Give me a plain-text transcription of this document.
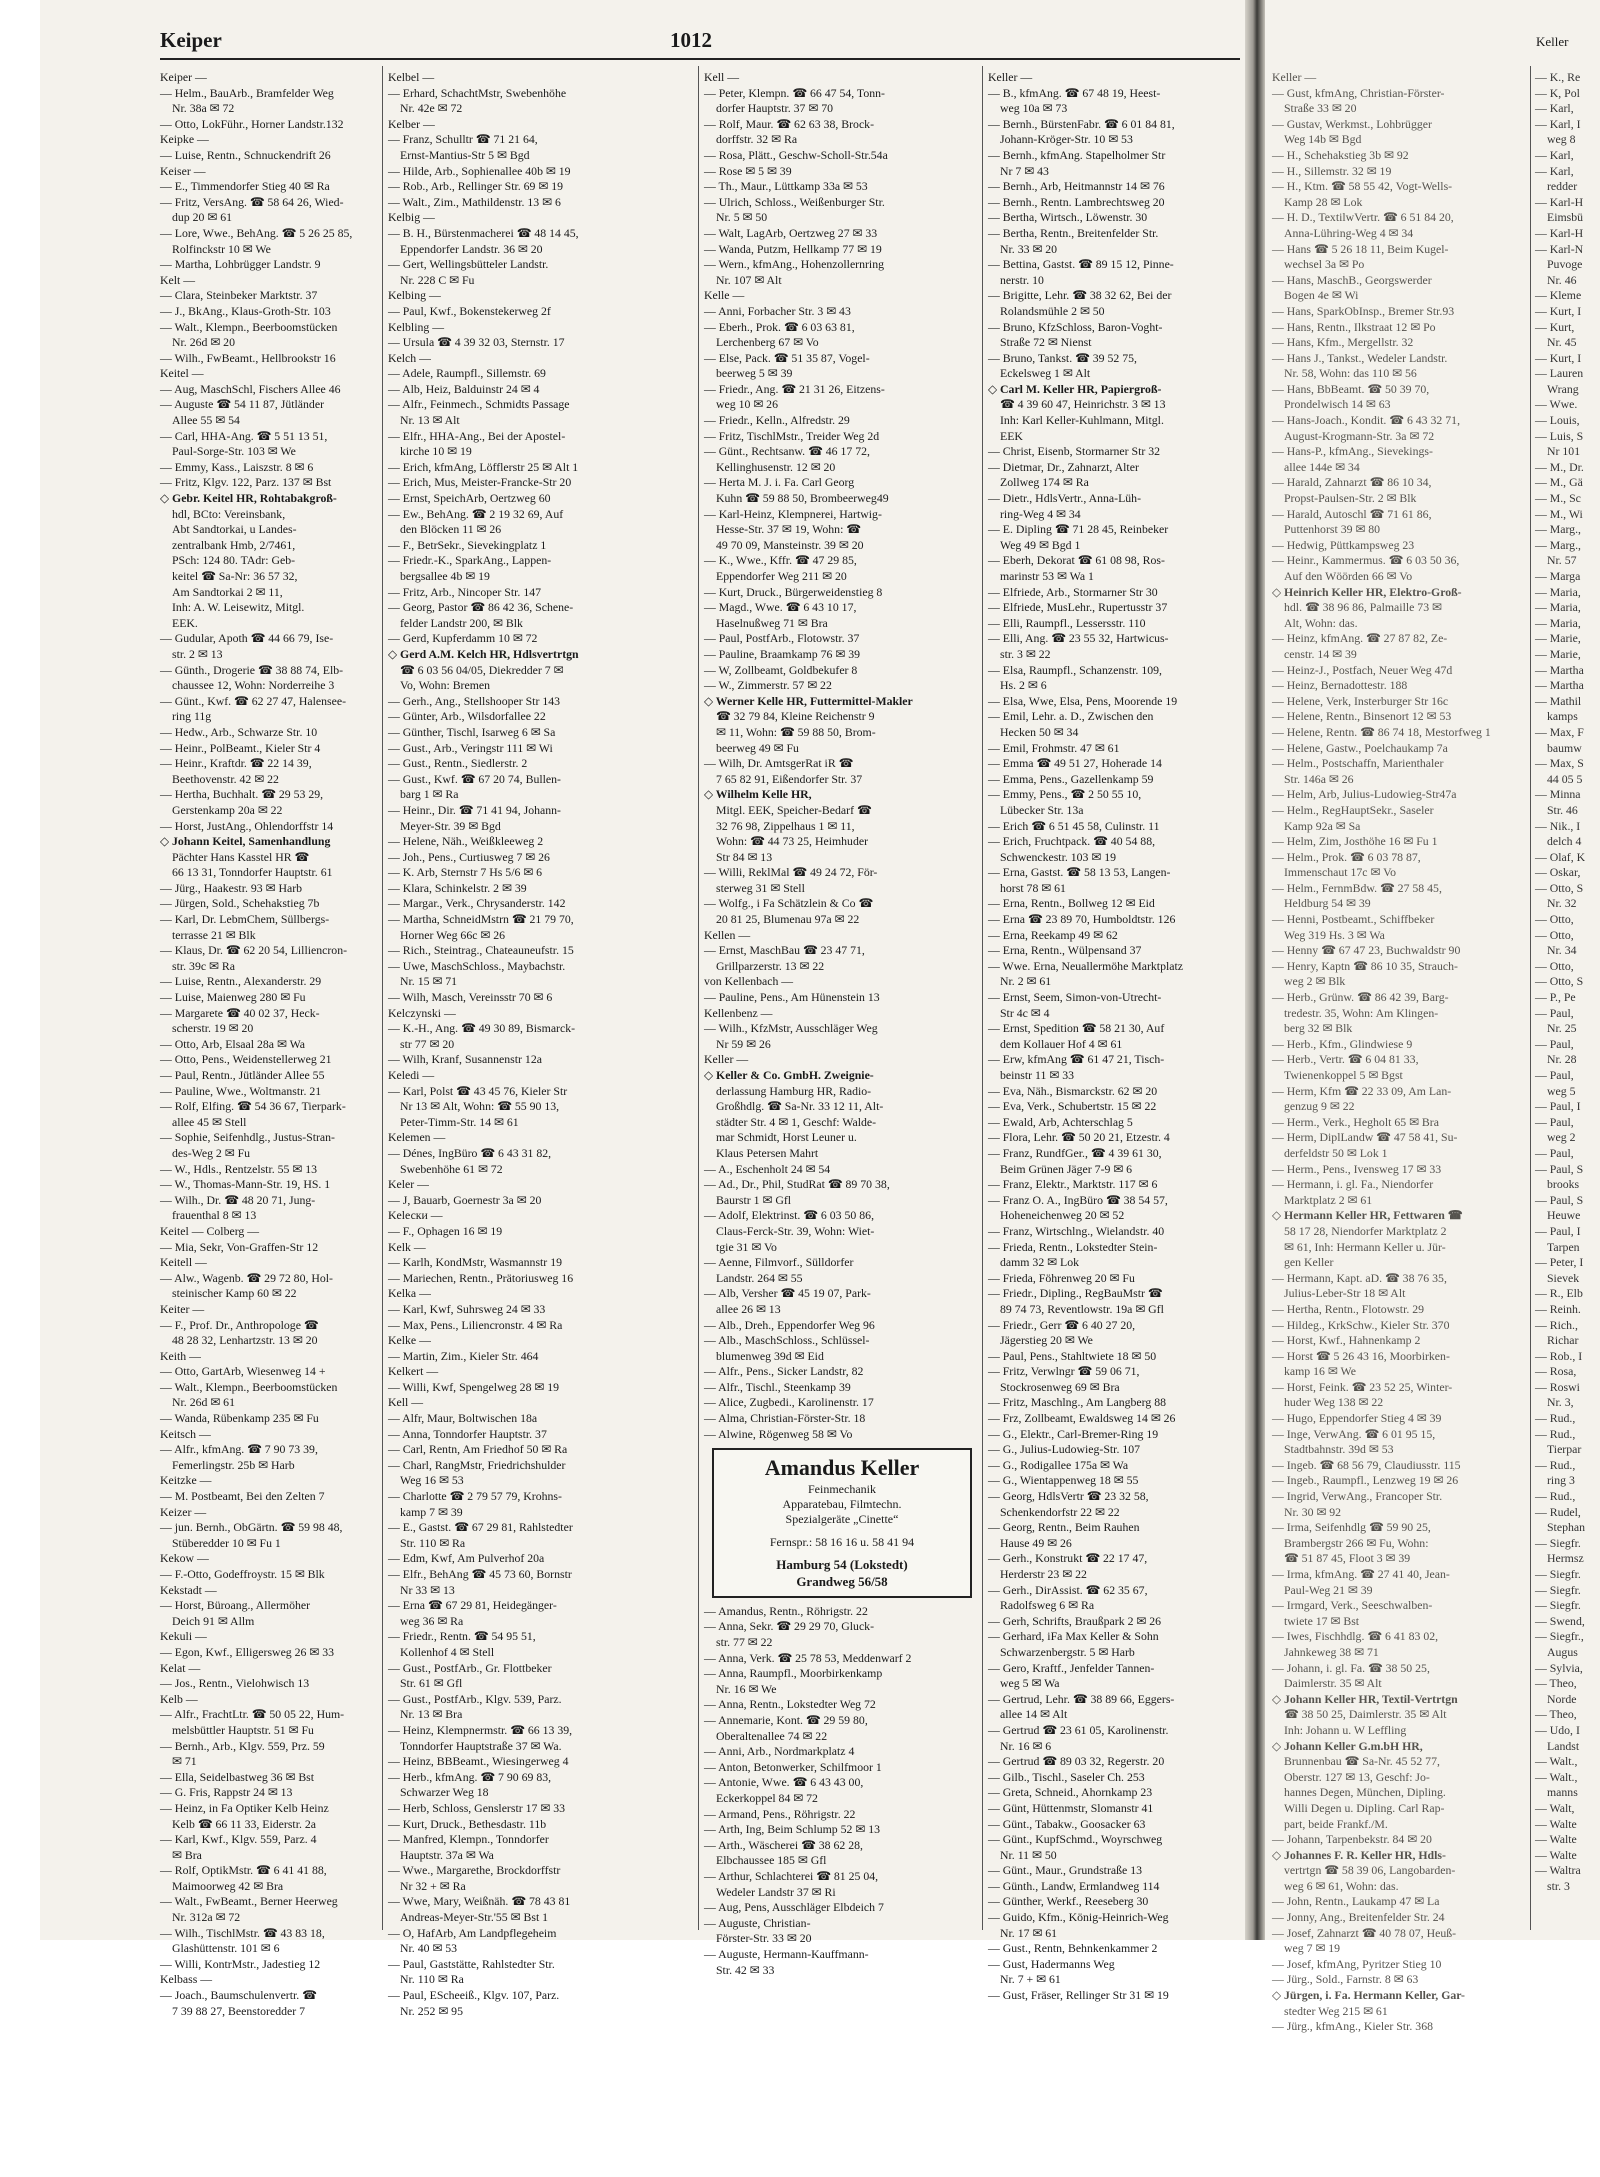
Keiper	1012
Keiper —
— Helm., BauArb., Bramfelder Weg
Nr. 38a ✉ 72
— Otto, LokFühr., Horner Landstr.132
Keipke —
— Luise, Rentn., Schnuckendrift 26
Keiser —
— E., Timmendorfer Stieg 40 ✉ Ra
— Fritz, VersAng. ☎ 58 64 26, Wied-
dup 20 ✉ 61
— Lore, Wwe., BehAng. ☎ 5 26 25 85,
Rolfinckstr 10 ✉ We
— Martha, Lohbrügger Landstr. 9
Kelt —
— Clara, Steinbeker Marktstr. 37
— J., BkAng., Klaus-Groth-Str. 103
— Walt., Klempn., Beerboomstücken
Nr. 26d ✉ 20
— Wilh., FwBeamt., Hellbrookstr 16
Keitel —
— Aug, MaschSchl, Fischers Allee 46
— Auguste ☎ 54 11 87, Jütländer
Allee 55 ✉ 54
— Carl, HHA-Ang. ☎ 5 51 13 51,
Paul-Sorge-Str. 103 ✉ We
— Emmy, Kass., Laiszstr. 8 ✉ 6
— Fritz, Klgv. 122, Parz. 137 ✉ Bst
◇ Gebr. Keitel HR, Rohtabakgroß-
hdl, BCto: Vereinsbank,
Abt Sandtorkai, u Landes-
zentralbank Hmb, 2/7461,
PSch: 124 80. TAdr: Geb-
keitel ☎ Sa-Nr: 36 57 32,
Am Sandtorkai 2 ✉ 11,
Inh: A. W. Leisewitz, Mitgl.
EEK.
— Gudular, Apoth ☎ 44 66 79, Ise-
str. 2 ✉ 13
— Günth., Drogerie ☎ 38 88 74, Elb-
chaussee 12, Wohn: Norderreihe 3
— Günt., Kwf. ☎ 62 27 47, Halensee-
ring 11g
— Hedw., Arb., Schwarze Str. 10
— Heinr., PolBeamt., Kieler Str 4
— Heinr., Kraftdr. ☎ 22 14 39,
Beethovenstr. 42 ✉ 22
— Hertha, Buchhalt. ☎ 29 53 29,
Gerstenkamp 20a ✉ 22
— Horst, JustAng., Ohlendorffstr 14
◇ Johann Keitel, Samenhandlung
Pächter Hans Kasstel HR ☎
66 13 31, Tonndorfer Hauptstr. 61
— Jürg., Haakestr. 93 ✉ Harb
— Jürgen, Sold., Schehakstieg 7b
— Karl, Dr. LebmChem, Süllbergs-
terrasse 21 ✉ Blk
— Klaus, Dr. ☎ 62 20 54, Lilliencron-
str. 39c ✉ Ra
— Luise, Rentn., Alexanderstr. 29
— Luise, Maienweg 280 ✉ Fu
— Margarete ☎ 40 02 37, Heck-
scherstr. 19 ✉ 20
— Otto, Arb, Elsaal 28a ✉ Wa
— Otto, Pens., Weidenstellerweg 21
— Paul, Rentn., Jütländer Allee 55
— Pauline, Wwe., Woltmanstr. 21
— Rolf, Elfing. ☎ 54 36 67, Tierpark-
allee 45 ✉ Stell
— Sophie, Seifenhdlg., Justus-Stran-
des-Weg 2 ✉ Fu
— W., Hdls., Rentzelstr. 55 ✉ 13
— W., Thomas-Mann-Str. 19, HS. 1
— Wilh., Dr. ☎ 48 20 71, Jung-
frauenthal 8 ✉ 13
Keitel — Colberg —
— Mia, Sekr, Von-Graffen-Str 12
Keitell —
— Alw., Wagenb. ☎ 29 72 80, Hol-
steinischer Kamp 60 ✉ 22
Keiter —
— F., Prof. Dr., Anthropologe ☎
48 28 32, Lenhartzstr. 13 ✉ 20
Keith —
— Otto, GartArb, Wiesenweg 14 +
— Walt., Klempn., Beerboomstücken
Nr. 26d ✉ 61
— Wanda, Rübenkamp 235 ✉ Fu
Keitsch —
— Alfr., kfmAng. ☎ 7 90 73 39,
Femerlingstr. 25b ✉ Harb
Keitzke —
— M. Postbeamt, Bei den Zelten 7
Keizer —
— jun. Bernh., ObGärtn. ☎ 59 98 48,
Stüberedder 10 ✉ Fu 1
Kekow —
— F.-Otto, Godeffroystr. 15 ✉ Blk
Kekstadt —
— Horst, Büroang., Allermöher
Deich 91 ✉ Allm
Kekuli —
— Egon, Kwf., Elligersweg 26 ✉ 33
Kelat —
— Jos., Rentn., Vielohwisch 13
Kelb —
— Alfr., FrachtLtr. ☎ 50 05 22, Hum-
melsbüttler Hauptstr. 51 ✉ Fu
— Bernh., Arb., Klgv. 559, Prz. 59
✉ 71
— Ella, Seidelbastweg 36 ✉ Bst
— G. Fris, Rappstr 24 ✉ 13
— Heinz, in Fa Optiker Kelb Heinz
Kelb ☎ 66 11 33, Eiderstr. 2a
— Karl, Kwf., Klgv. 559, Parz. 4
✉ Bra
— Rolf, OptikMstr. ☎ 6 41 41 88,
Maimoorweg 42 ✉ Bra
— Walt., FwBeamt., Berner Heerweg
Nr. 312a ✉ 72
— Wilh., TischlMstr. ☎ 43 83 18,
Glashüttenstr. 101 ✉ 6
— Willi, KontrMstr., Jadestieg 12
Kelbass —
— Joach., Baumschulenvertr. ☎
7 39 88 27, Beenstoredder 7
Kelbel —
— Erhard, SchachtMstr, Swebenhöhe
Nr. 42e ✉ 72
Kelber —
— Franz, Schulltr ☎ 71 21 64,
Ernst-Mantius-Str 5 ✉ Bgd
— Hilde, Arb., Sophienallee 40b ✉ 19
— Rob., Arb., Rellinger Str. 69 ✉ 19
— Walt., Zim., Mathildenstr. 13 ✉ 6
Kelbig —
— B. H., Bürstenmacherei ☎ 48 14 45,
Eppendorfer Landstr. 36 ✉ 20
— Gert, Wellingsbütteler Landstr.
Nr. 228 C ✉ Fu
Kelbing —
— Paul, Kwf., Bokenstekerweg 2f
Kelbling —
— Ursula ☎ 4 39 32 03, Sternstr. 17
Kelch —
— Adele, Raumpfl., Sillemstr. 69
— Alb, Heiz, Balduinstr 24 ✉ 4
— Alfr., Feinmech., Schmidts Passage
Nr. 13 ✉ Alt
— Elfr., HHA-Ang., Bei der Apostel-
kirche 10 ✉ 19
— Erich, kfmAng, Löfflerstr 25 ✉ Alt 1
— Erich, Mus, Meister-Francke-Str 20
— Ernst, SpeichArb, Oertzweg 60
— Ew., BehAng. ☎ 2 19 32 69, Auf
den Blöcken 11 ✉ 26
— F., BetrSekr., Sievekingplatz 1
— Friedr.-K., SparkAng., Lappen-
bergsallee 4b ✉ 19
— Fritz, Arb., Nincoper Str. 147
— Georg, Pastor ☎ 86 42 36, Schene-
felder Landstr 200, ✉ Blk
— Gerd, Kupferdamm 10 ✉ 72
◇ Gerd A.M. Kelch HR, Hdlsvertrtgn
☎ 6 03 56 04/05, Diekredder 7 ✉
Vo, Wohn: Bremen
— Gerh., Ang., Stellshooper Str 143
— Günter, Arb., Wilsdorfallee 22
— Günther, Tischl, Isarweg 6 ✉ Sa
— Gust., Arb., Veringstr 111 ✉ Wi
— Gust., Rentn., Siedlerstr. 2
— Gust., Kwf. ☎ 67 20 74, Bullen-
barg 1 ✉ Ra
— Heinr., Dir. ☎ 71 41 94, Johann-
Meyer-Str. 39 ✉ Bgd
— Helene, Näh., Weißkleeweg 2
— Joh., Pens., Curtiusweg 7 ✉ 26
— K. Arb, Sternstr 7 Hs 5/6 ✉ 6
— Klara, Schinkelstr. 2 ✉ 39
— Margar., Verk., Chrysanderstr. 142
— Martha, SchneidMstrn ☎ 21 79 70,
Horner Weg 66c ✉ 26
— Rich., Steintrag., Chateauneufstr. 15
— Uwe, MaschSchloss., Maybachstr.
Nr. 15 ✉ 71
— Wilh, Masch, Vereinsstr 70 ✉ 6
Kelczynski —
— K.-H., Ang. ☎ 49 30 89, Bismarck-
str 77 ✉ 20
— Wilh, Kranf, Susannenstr 12a
Keledi —
— Karl, Polst ☎ 43 45 76, Kieler Str
Nr 13 ✉ Alt, Wohn: ☎ 55 90 13,
Peter-Timm-Str. 14 ✉ 61
Kelemen —
— Dénes, IngBüro ☎ 6 43 31 82,
Swebenhöhe 61 ✉ 72
Keler —
— J, Bauarb, Goernestr 3a ✉ 20
Kelески —
— F., Ophagen 16 ✉ 19
Kelk —
— Karlh, KondMstr, Wasmannstr 19
— Mariechen, Rentn., Prätoriusweg 16
Kelka —
— Karl, Kwf, Suhrsweg 24 ✉ 33
— Max, Pens., Liliencronstr. 4 ✉ Ra
Kelke —
— Martin, Zim., Kieler Str. 464
Kelkert —
— Willi, Kwf, Spengelweg 28 ✉ 19
Kell —
— Alfr, Maur, Boltwischen 18a
— Anna, Tonndorfer Hauptstr. 37
— Carl, Rentn, Am Friedhof 50 ✉ Ra
— Charl, RangMstr, Friedrichshulder
Weg 16 ✉ 53
— Charlotte ☎ 2 79 57 79, Krohns-
kamp 7 ✉ 39
— E., Gastst. ☎ 67 29 81, Rahlstedter
Str. 110 ✉ Ra
— Edm, Kwf, Am Pulverhof 20a
— Elfr., BehAng ☎ 45 73 60, Bornstr
Nr 33 ✉ 13
— Erna ☎ 67 29 81, Heidegänger-
weg 36 ✉ Ra
— Friedr., Rentn. ☎ 54 95 51,
Kollenhof 4 ✉ Stell
— Gust., PostfArb., Gr. Flottbeker
Str. 61 ✉ Gfl
— Gust., PostfArb., Klgv. 539, Parz.
Nr. 13 ✉ Bra
— Heinz, Klempnermstr. ☎ 66 13 39,
Tonndorfer Hauptstraße 37 ✉ Wa.
— Heinz, BBBeamt., Wiesingerweg 4
— Herb., kfmAng. ☎ 7 90 69 83,
Schwarzer Weg 18
— Herb, Schloss, Genslerstr 17 ✉ 33
— Kurt, Druck., Bethesdastr. 11b
— Manfred, Klempn., Tonndorfer
Hauptstr. 37a ✉ Wa
— Wwe., Margarethe, Brockdorffstr
Nr 32 + ✉ Ra
— Wwe, Mary, Weißnäh. ☎ 78 43 81
Andreas-Meyer-Str.'55 ✉ Bst 1
— O, HafArb, Am Landpflegeheim
Nr. 40 ✉ 53
— Paul, Gaststätte, Rahlstedter Str.
Nr. 110 ✉ Ra
— Paul, EScheeiß., Klgv. 107, Parz.
Nr. 252 ✉ 95
Kell —
— Peter, Klempn. ☎ 66 47 54, Tonn-
dorfer Hauptstr. 37 ✉ 70
— Rolf, Maur. ☎ 62 63 38, Brock-
dorffstr. 32 ✉ Ra
— Rosa, Plätt., Geschw-Scholl-Str.54a
— Rose ✉ 5 ✉ 39
— Th., Maur., Lüttkamp 33a ✉ 53
— Ulrich, Schloss., Weißenburger Str.
Nr. 5 ✉ 50
— Walt, LagArb, Oertzweg 27 ✉ 33
— Wanda, Putzm, Hellkamp 77 ✉ 19
— Wern., kfmAng., Hohenzollernring
Nr. 107 ✉ Alt
Kelle —
— Anni, Forbacher Str. 3 ✉ 43
— Eberh., Prok. ☎ 6 03 63 81,
Lerchenberg 67 ✉ Vo
— Else, Pack. ☎ 51 35 87, Vogel-
beerweg 5 ✉ 39
— Friedr., Ang. ☎ 21 31 26, Eitzens-
weg 10 ✉ 26
— Friedr., Kelln., Alfredstr. 29
— Fritz, TischlMstr., Treider Weg 2d
— Günt., Rechtsanw. ☎ 46 17 72,
Kellinghusenstr. 12 ✉ 20
— Herta M. J. i. Fa. Carl Georg
Kuhn ☎ 59 88 50, Brombeerweg49
— Karl-Heinz, Klempnerei, Hartwig-
Hesse-Str. 37 ✉ 19, Wohn: ☎
49 70 09, Mansteinstr. 39 ✉ 20
— K., Wwe., Kffr. ☎ 47 29 85,
Eppendorfer Weg 211 ✉ 20
— Kurt, Druck., Bürgerweidenstieg 8
— Magd., Wwe. ☎ 6 43 10 17,
Haselnußweg 71 ✉ Bra
— Paul, PostfArb., Flotowstr. 37
— Pauline, Braamkamp 76 ✉ 39
— W, Zollbeamt, Goldbekufer 8
— W., Zimmerstr. 57 ✉ 22
◇ Werner Kelle HR, Futtermittel-Makler
☎ 32 79 84, Kleine Reichenstr 9
✉ 11, Wohn: ☎ 59 88 50, Brom-
beerweg 49 ✉ Fu
— Wilh, Dr. AmtsgerRat iR ☎
7 65 82 91, Eißendorfer Str. 37
◇ Wilhelm Kelle HR,
Mitgl. EEK, Speicher-Bedarf ☎
32 76 98, Zippelhaus 1 ✉ 11,
Wohn: ☎ 44 73 25, Heimhuder
Str 84 ✉ 13
— Willi, ReklMal ☎ 49 24 72, För-
sterweg 31 ✉ Stell
— Wolfg., i Fa Schätzlein & Co ☎
20 81 25, Blumenau 97a ✉ 22
Kellen —
— Ernst, MaschBau ☎ 23 47 71,
Grillparzerstr. 13 ✉ 22
von Kellenbach —
— Pauline, Pens., Am Hünenstein 13
Kellenbenz —
— Wilh., KfzMstr, Ausschläger Weg
Nr 59 ✉ 26
Keller —
◇ Keller & Co. GmbH. Zweignie-
derlassung Hamburg HR, Radio-
Großhdlg. ☎ Sa-Nr. 33 12 11, Alt-
städter Str. 4 ✉ 1, Geschf: Walde-
mar Schmidt, Horst Leuner u.
Klaus Petersen Mahrt
— A., Eschenholt 24 ✉ 54
— Ad., Dr., Phil, StudRat ☎ 89 70 38,
Baurstr 1 ✉ Gfl
— Adolf, Elektrinst. ☎ 6 03 50 86,
Claus-Ferck-Str. 39, Wohn: Wiet-
tgie 31 ✉ Vo
— Aenne, Filmvorf., Sülldorfer
Landstr. 264 ✉ 55
— Alb, Versher ☎ 45 19 07, Park-
allee 26 ✉ 13
— Alb., Dreh., Eppendorfer Weg 96
— Alb., MaschSchloss., Schlüssel-
blumenweg 39d ✉ Eid
— Alfr., Pens., Sicker Landstr, 82
— Alfr., Tischl., Steenkamp 39
— Alice, Zugbedi., Karolinenstr. 17
— Alma, Christian-Förster-Str. 18
— Alwine, Rögenweg 58 ✉ Vo
Amandus Keller
Feinmechanik
Apparatebau, Filmtechn.
Spezialgeräte „Cinette“
Fernspr.: 58 16 16 u. 58 41 94
Hamburg 54 (Lokstedt)
Grandweg 56/58
— Amandus, Rentn., Röhrigstr. 22
— Anna, Sekr. ☎ 29 29 70, Gluck-
str. 77 ✉ 22
— Anna, Verk. ☎ 25 78 53, Meddenwarf 2
— Anna, Raumpfl., Moorbirkenkamp
Nr. 16 ✉ We
— Anna, Rentn., Lokstedter Weg 72
— Annemarie, Kont. ☎ 29 59 80,
Oberaltenallee 74 ✉ 22
— Anni, Arb., Nordmarkplatz 4
— Anton, Betonwerker, Schilfmoor 1
— Antonie, Wwe. ☎ 6 43 43 00,
Eckerkoppel 84 ✉ 72
— Armand, Pens., Röhrigstr. 22
— Arth, Ing, Beim Schlump 52 ✉ 13
— Arth., Wäscherei ☎ 38 62 28,
Elbchaussee 185 ✉ Gfl
— Arthur, Schlachterei ☎ 81 25 04,
Wedeler Landstr 37 ✉ Ri
— Aug, Pens, Ausschläger Elbdeich 7
— Auguste, Christian-
Förster-Str. 33 ✉ 20
— Auguste, Hermann-Kauffmann-
Str. 42 ✉ 33
Keller —
— B., kfmAng. ☎ 67 48 19, Heest-
weg 10a ✉ 73
— Bernh., BürstenFabr. ☎ 6 01 84 81,
Johann-Kröger-Str. 10 ✉ 53
— Bernh., kfmAng. Stapelholmer Str
Nr 7 ✉ 43
— Bernh., Arb, Heitmannstr 14 ✉ 76
— Bernh., Rentn. Lambrechtsweg 20
— Bertha, Wirtsch., Löwenstr. 30
— Bertha, Rentn., Breitenfelder Str.
Nr. 33 ✉ 20
— Bettina, Gastst. ☎ 89 15 12, Pinne-
nerstr. 10
— Brigitte, Lehr. ☎ 38 32 62, Bei der
Rolandsmühle 2 ✉ 50
— Bruno, KfzSchloss, Baron-Voght-
Straße 72 ✉ Nienst
— Bruno, Tankst. ☎ 39 52 75,
Eckelsweg 1 ✉ Alt
◇ Carl M. Keller HR, Papiergroß-
☎ 4 39 60 47, Heinrichstr. 3 ✉ 13
Inh: Karl Keller-Kuhlmann, Mitgl.
EEK
— Christ, Eisenb, Stormarner Str 32
— Dietmar, Dr., Zahnarzt, Alter
Zollweg 174 ✉ Ra
— Dietr., HdlsVertr., Anna-Lüh-
ring-Weg 4 ✉ 34
— E. Dipling ☎ 71 28 45, Reinbeker
Weg 49 ✉ Bgd 1
— Eberh, Dekorat ☎ 61 08 98, Ros-
marinstr 53 ✉ Wa 1
— Elfriede, Arb., Stormarner Str 30
— Elfriede, MusLehr., Rupertusstr 37
— Elli, Raumpfl., Lessersstr. 110
— Elli, Ang. ☎ 23 55 32, Hartwicus-
str. 3 ✉ 22
— Elsa, Raumpfl., Schanzenstr. 109,
Hs. 2 ✉ 6
— Elsa, Wwe, Elsa, Pens, Moorende 19
— Emil, Lehr. a. D., Zwischen den
Hecken 50 ✉ 34
— Emil, Frohmstr. 47 ✉ 61
— Emma ☎ 49 51 27, Hoherade 14
— Emma, Pens., Gazellenkamp 59
— Emmy, Pens., ☎ 2 50 55 10,
Lübecker Str. 13a
— Erich ☎ 6 51 45 58, Culinstr. 11
— Erich, Fruchtpack. ☎ 40 54 88,
Schwenckestr. 103 ✉ 19
— Erna, Gastst. ☎ 58 13 53, Langen-
horst 78 ✉ 61
— Erna, Rentn., Bollweg 12 ✉ Eid
— Erna ☎ 23 89 70, Humboldtstr. 126
— Erna, Reekamp 49 ✉ 62
— Erna, Rentn., Wülpensand 37
— Wwe. Erna, Neuallermöhe Marktplatz
Nr. 2 ✉ 61
— Ernst, Seem, Simon-von-Utrecht-
Str 4c ✉ 4
— Ernst, Spedition ☎ 58 21 30, Auf
dem Kollauer Hof 4 ✉ 61
— Erw, kfmAng ☎ 61 47 21, Tisch-
beinstr 11 ✉ 33
— Eva, Näh., Bismarckstr. 62 ✉ 20
— Eva, Verk., Schubertstr. 15 ✉ 22
— Ewald, Arb, Achterschlag 5
— Flora, Lehr. ☎ 50 20 21, Etzestr. 4
— Franz, RundfGer., ☎ 4 39 61 30,
Beim Grünen Jäger 7-9 ✉ 6
— Franz, Elektr., Marktstr. 117 ✉ 6
— Franz O. A., IngBüro ☎ 38 54 57,
Hoheneichenweg 20 ✉ 52
— Franz, Wirtschlng., Wielandstr. 40
— Frieda, Rentn., Lokstedter Stein-
damm 32 ✉ Lok
— Frieda, Föhrenweg 20 ✉ Fu
— Friedr., Dipling., RegBauMstr ☎
89 74 73, Reventlowstr. 19a ✉ Gfl
— Friedr., Gerr ☎ 6 40 27 20,
Jägerstieg 20 ✉ We
— Paul, Pens., Stahltwiete 18 ✉ 50
— Fritz, Verwlngr ☎ 59 06 71,
Stockrosenweg 69 ✉ Bra
— Fritz, Maschlng., Am Langberg 88
— Frz, Zollbeamt, Ewaldsweg 14 ✉ 26
— G., Elektr., Carl-Bremer-Ring 19
— G., Julius-Ludowieg-Str. 107
— G., Rodigallee 175a ✉ Wa
— G., Wientappenweg 18 ✉ 55
— Georg, HdlsVertr ☎ 23 32 58,
Schenkendorfstr 22 ✉ 22
— Georg, Rentn., Beim Rauhen
Hause 49 ✉ 26
— Gerh., Konstrukt ☎ 22 17 47,
Herderstr 23 ✉ 22
— Gerh., DirAssist. ☎ 62 35 67,
Radolfsweg 6 ✉ Ra
— Gerh, Schrifts, Braußpark 2 ✉ 26
— Gerhard, iFa Max Keller & Sohn
Schwarzenbergstr. 5 ✉ Harb
— Gero, Kraftf., Jenfelder Tannen-
weg 5 ✉ Wa
— Gertrud, Lehr. ☎ 38 89 66, Eggers-
allee 14 ✉ Alt
— Gertrud ☎ 23 61 05, Karolinenstr.
Nr. 16 ✉ 6
— Gertrud ☎ 89 03 32, Regerstr. 20
— Gilb., Tischl., Saseler Ch. 253
— Greta, Schneid., Ahornkamp 23
— Günt, Hüttenmstr, Slomanstr 41
— Günt., Tabakw., Goosacker 63
— Günt., KupfSchmd., Woyrschweg
Nr. 11 ✉ 50
— Günt., Maur., Grundstraße 13
— Günth., Landw, Ermlandweg 114
— Günther, Werkf., Reeseberg 30
— Guido, Kfm., König-Heinrich-Weg
Nr. 17 ✉ 61
— Gust., Rentn, Behnkenkammer 2
— Gust, Hadermanns Weg
Nr. 7 + ✉ 61
— Gust, Fräser, Rellinger Str 31 ✉ 19
Keller —
— Gust, kfmAng, Christian-Förster-
Straße 33 ✉ 20
— Gustav, Werkmst., Lohbrügger
Weg 14b ✉ Bgd
— H., Schehakstieg 3b ✉ 92
— H., Sillemstr. 32 ✉ 19
— H., Ktm. ☎ 58 55 42, Vogt-Wells-
Kamp 28 ✉ Lok
— H. D., TextilwVertr. ☎ 6 51 84 20,
Anna-Lühring-Weg 4 ✉ 34
— Hans ☎ 5 26 18 11, Beim Kugel-
wechsel 3a ✉ Po
— Hans, MaschB., Georgswerder
Bogen 4e ✉ Wi
— Hans, SparkObInsp., Bremer Str.93
— Hans, Rentn., Ilkstraat 12 ✉ Po
— Hans, Kfm., Mergellstr. 32
— Hans J., Tankst., Wedeler Landstr.
Nr. 58, Wohn: das 110 ✉ 56
— Hans, BbBeamt. ☎ 50 39 70,
Prondelwisch 14 ✉ 63
— Hans-Joach., Kondit. ☎ 6 43 32 71,
August-Krogmann-Str. 3a ✉ 72
— Hans-P., kfmAng., Sievekings-
allee 144e ✉ 34
— Harald, Zahnarzt ☎ 86 10 34,
Propst-Paulsen-Str. 2 ✉ Blk
— Harald, Autoschl ☎ 71 61 86,
Puttenhorst 39 ✉ 80
— Hedwig, Püttkampsweg 23
— Heinr., Kammermus. ☎ 6 03 50 36,
Auf den Wöörden 66 ✉ Vo
◇ Heinrich Keller HR, Elektro-Groß-
hdl. ☎ 38 96 86, Palmaille 73 ✉
Alt, Wohn: das.
— Heinz, kfmAng. ☎ 27 87 82, Ze-
censtr. 14 ✉ 39
— Heinz-J., Postfach, Neuer Weg 47d
— Heinz, Bernadottestr. 188
— Helene, Verk, Insterburger Str 16c
— Helene, Rentn., Binsenort 12 ✉ 53
— Helene, Rentn. ☎ 86 74 18, Mestorfweg 1
— Helene, Gastw., Poelchaukamp 7a
— Helm., Postschaffn, Marienthaler
Str. 146a ✉ 26
— Helm, Arb, Julius-Ludowieg-Str47a
— Helm., RegHauptSekr., Saseler
Kamp 92a ✉ Sa
— Helm, Zim, Josthöhe 16 ✉ Fu 1
— Helm., Prok. ☎ 6 03 78 87,
Immenschaut 17c ✉ Vo
— Helm., FernmBdw. ☎ 27 58 45,
Heldburg 54 ✉ 39
— Henni, Postbeamt., Schiffbeker
Weg 319 Hs. 3 ✉ Wa
— Henny ☎ 67 47 23, Buchwaldstr 90
— Henry, Kaptn ☎ 86 10 35, Strauch-
weg 2 ✉ Blk
— Herb., Grünw. ☎ 86 42 39, Barg-
tredestr. 35, Wohn: Am Klingen-
berg 32 ✉ Blk
— Herb., Kfm., Glindwiese 9
— Herb., Vertr. ☎ 6 04 81 33,
Twienenkoppel 5 ✉ Bgst
— Herm, Kfm ☎ 22 33 09, Am Lan-
genzug 9 ✉ 22
— Herm., Verk., Hegholt 65 ✉ Bra
— Herm, DiplLandw ☎ 47 58 41, Su-
derfeldstr 50 ✉ Lok 1
— Herm., Pens., Ivensweg 17 ✉ 33
— Hermann, i. gl. Fa., Niendorfer
Marktplatz 2 ✉ 61
◇ Hermann Keller HR, Fettwaren ☎
58 17 28, Niendorfer Marktplatz 2
✉ 61, Inh: Hermann Keller u. Jür-
gen Keller
— Hermann, Kapt. aD. ☎ 38 76 35,
Julius-Leber-Str 18 ✉ Alt
— Hertha, Rentn., Flotowstr. 29
— Hildeg., KrkSchw., Kieler Str. 370
— Horst, Kwf., Hahnenkamp 2
— Horst ☎ 5 26 43 16, Moorbirken-
kamp 16 ✉ We
— Horst, Feink. ☎ 23 52 25, Winter-
huder Weg 138 ✉ 22
— Hugo, Eppendorfer Stieg 4 ✉ 39
— Inge, VerwAng. ☎ 6 01 95 15,
Stadtbahnstr. 39d ✉ 53
— Ingeb. ☎ 68 56 79, Claudiusstr. 115
— Ingeb., Raumpfl., Lenzweg 19 ✉ 26
— Ingrid, VerwAng., Francoper Str.
Nr. 30 ✉ 92
— Irma, Seifenhdlg ☎ 59 90 25,
Brambergstr 266 ✉ Fu, Wohn:
☎ 51 87 45, Floot 3 ✉ 39
— Irma, kfmAng. ☎ 27 41 40, Jean-
Paul-Weg 21 ✉ 39
— Irmgard, Verk., Seeschwalben-
twiete 17 ✉ Bst
— Iwes, Fischhdlg. ☎ 6 41 83 02,
Jahnkeweg 38 ✉ 71
— Johann, i. gl. Fa. ☎ 38 50 25,
Daimlerstr. 35 ✉ Alt
◇ Johann Keller HR, Textil-Vertrtgn
☎ 38 50 25, Daimlerstr. 35 ✉ Alt
Inh: Johann u. W Leffling
◇ Johann Keller G.m.bH HR,
Brunnenbau ☎ Sa-Nr. 45 52 77,
Oberstr. 127 ✉ 13, Geschf: Jo-
hannes Degen, München, Dipling.
Willi Degen u. Dipling. Carl Rap-
part, beide Frankf./M.
— Johann, Tarpenbekstr. 84 ✉ 20
◇ Johannes F. R. Keller HR, Hdls-
vertrtgn ☎ 58 39 06, Langobarden-
weg 6 ✉ 61, Wohn: das.
— John, Rentn., Laukamp 47 ✉ La
— Jonny, Ang., Breitenfelder Str. 24
— Josef, Zahnarzt ☎ 40 78 07, Heuß-
weg 7 ✉ 19
— Josef, kfmAng, Pyritzer Stieg 10
— Jürg., Sold., Farnstr. 8 ✉ 63
◇ Jürgen, i. Fa. Hermann Keller, Gar-
stedter Weg 215 ✉ 61
— Jürg., kfmAng., Kieler Str. 368
Keller
— K., Re
— K, Pol
— Karl,
— Karl, I
weg 8
— Karl,
— Karl,
redder
— Karl-H
Eimsbü
— Karl-H
— Karl-N
Puvoge
Nr. 46
— Kleme
— Kurt, I
— Kurt,
Nr. 45
— Kurt, I
— Lauren
Wrang
— Wwe.
— Louis,
— Luis, S
Nr 101
— M., Dr.
— M., Gä
— M., Sc
— M., Wi
— Marg.,
— Marg.,
Nr. 57
— Marga
— Maria,
— Maria,
— Maria,
— Marie,
— Marie,
— Martha
— Martha
— Mathil
kamps
— Max, F
baumw
— Max, S
44 05 5
— Minna
Str. 46
— Nik., I
delch 4
— Olaf, K
— Oskar,
— Otto, S
Nr. 32
— Otto,
— Otto,
Nr. 34
— Otto,
— Otto, S
— P., Pe
— Paul,
Nr. 25
— Paul,
Nr. 28
— Paul,
weg 5
— Paul, I
— Paul,
weg 2
— Paul,
— Paul, S
brooks
— Paul, S
Heuwe
— Paul, I
Tarpen
— Peter, I
Sievek
— R., Elb
— Reinh.
— Rich.,
Richar
— Rob., I
— Rosa,
— Roswi
Nr. 3,
— Rud.,
— Rud.,
Tierpar
— Rud.,
ring 3
— Rud.,
— Rudel,
Stephan
— Siegfr.
Hermsz
— Siegfr.
— Siegfr.
— Siegfr.
— Swend,
— Siegfr.,
Augus
— Sylvia,
— Theo,
Norde
— Theo,
— Udo, I
Landst
— Walt.,
— Walt.,
manns
— Walt,
— Walte
— Walte
— Walte
— Waltra
str. 3
